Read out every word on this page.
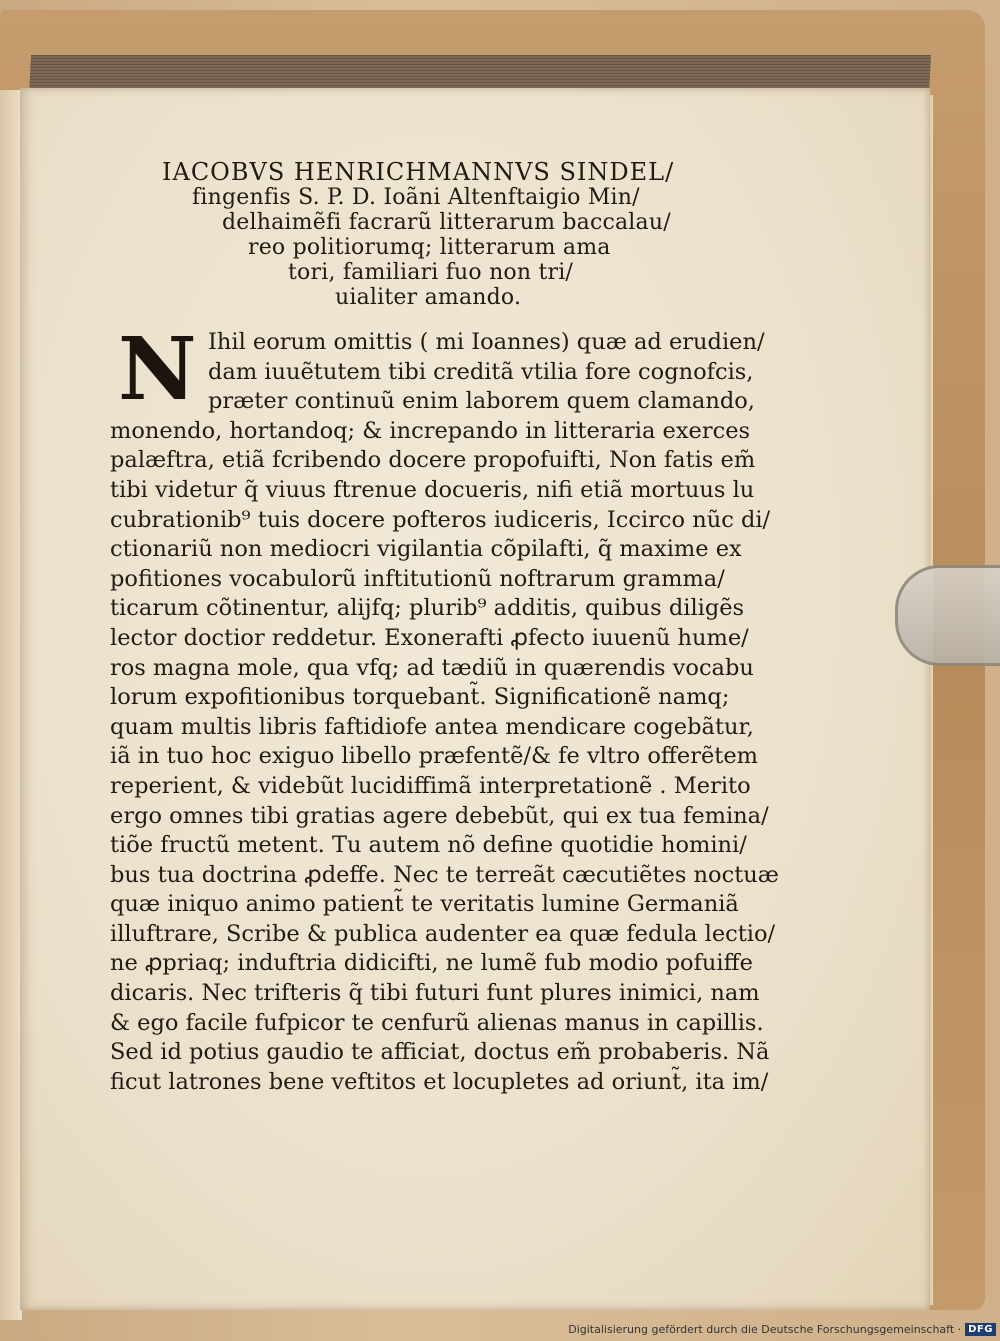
IACOBVS HENRICHMANNVS SINDEL/

fingenfis S. P. D. Ioãni Altenftaigio Min/

delhaimẽfi facrarũ litterarum baccalau/

reo politiorumq; litterarum ama

tori, familiari fuo non tri/

uialiter amando.

N Ihil eorum omittis ( mi Ioannes) quæ ad erudien/

dam iuuẽtutem tibi creditã vtilia fore cognofcis,

præter continuũ enim laborem quem clamando,

monendo, hortandoq; & increpando in litteraria exerces

palæftra, etiã fcribendo docere propofuifti, Non fatis em̃

tibi videtur q̃ viuus ftrenue docueris, nifi etiã mortuus lu

cubrationib⁹ tuis docere pofteros iudiceris, Iccirco nũc di/

ctionariũ non mediocri vigilantia cõpilafti, q̃ maxime ex

pofitiones vocabulorũ inftitutionũ noftrarum gramma/

ticarum cõtinentur, alijfq; plurib⁹ additis, quibus diligẽs

lector doctior reddetur. Exonerafti ꝓfecto iuuenũ hume/

ros magna mole, qua vfq; ad tædiũ in quærendis vocabu

lorum expofitionibus torquebant̃. Significationẽ namq;

quam multis libris faftidiofe antea mendicare cogebãtur,

iã in tuo hoc exiguo libello præfentẽ/& fe vltro offerẽtem

reperient, & videbũt lucidiffimã interpretationẽ . Merito

ergo omnes tibi gratias agere debebũt, qui ex tua femina/

tiõe fructũ metent. Tu autem nõ define quotidie homini/

bus tua doctrina ꝓdeffe. Nec te terreãt cæcutiẽtes noctuæ

quæ iniquo animo patient̃ te veritatis lumine Germaniã

illuftrare, Scribe & publica audenter ea quæ fedula lectio/

ne ꝓpriaq; induftria didicifti, ne lumẽ fub modio pofuiffe

dicaris. Nec trifteris q̃ tibi futuri funt plures inimici, nam

& ego facile fufpicor te cenfurũ alienas manus in capillis.

Sed id potius gaudio te afficiat, doctus em̃ probaberis. Nã

ficut latrones bene veftitos et locupletes ad oriunt̃, ita im/

Digitalisierung gefördert durch die Deutsche Forschungsgemeinschaft · DFG
